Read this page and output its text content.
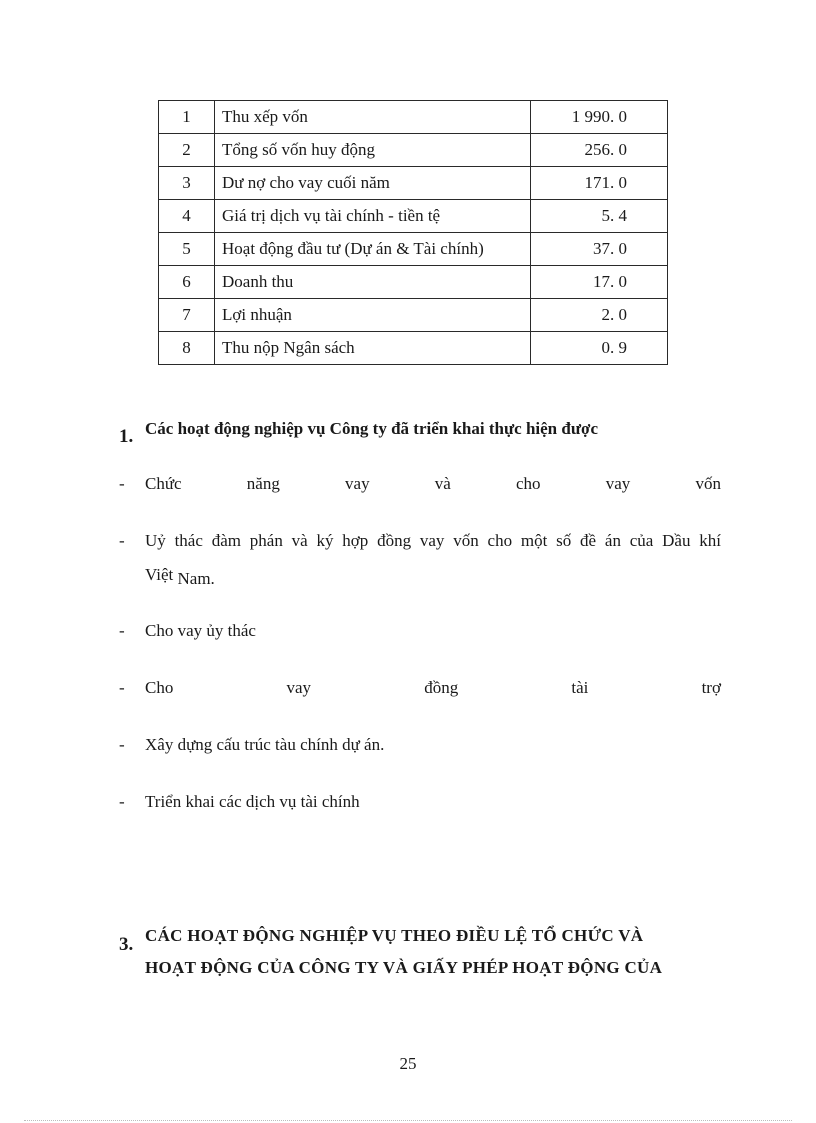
1	Thu xếp vốn	1 990. 0
2	Tổng số vốn huy động	256. 0
3	Dư nợ cho vay cuối năm	171. 0
4	Giá trị dịch vụ tài chính - tiền tệ	5. 4
5	Hoạt động đầu tư (Dự án & Tài chính)	37. 0
6	Doanh thu	17. 0
7	Lợi nhuận	2. 0
8	Thu nộp Ngân sách	0. 9
1. Các hoạt động nghiệp vụ Công ty đã triển khai thực hiện được
- Chức	năng	vay	và	cho	vay	vốn
- Uỷ thác đàm phán và ký hợp đồng vay vốn cho một số đề án của Dầu khí
Việt Nam.
- Cho vay ủy thác
- Cho	vay	đồng	tài	trợ
- Xây dựng cấu trúc tàu chính dự án.
- Triển khai các dịch vụ tài chính
3. CÁC HOẠT ĐỘNG NGHIỆP VỤ THEO ĐIỀU LỆ TỔ CHỨC VÀ
HOẠT ĐỘNG CỦA CÔNG TY VÀ GIẤY PHÉP HOẠT ĐỘNG CỦA
25
